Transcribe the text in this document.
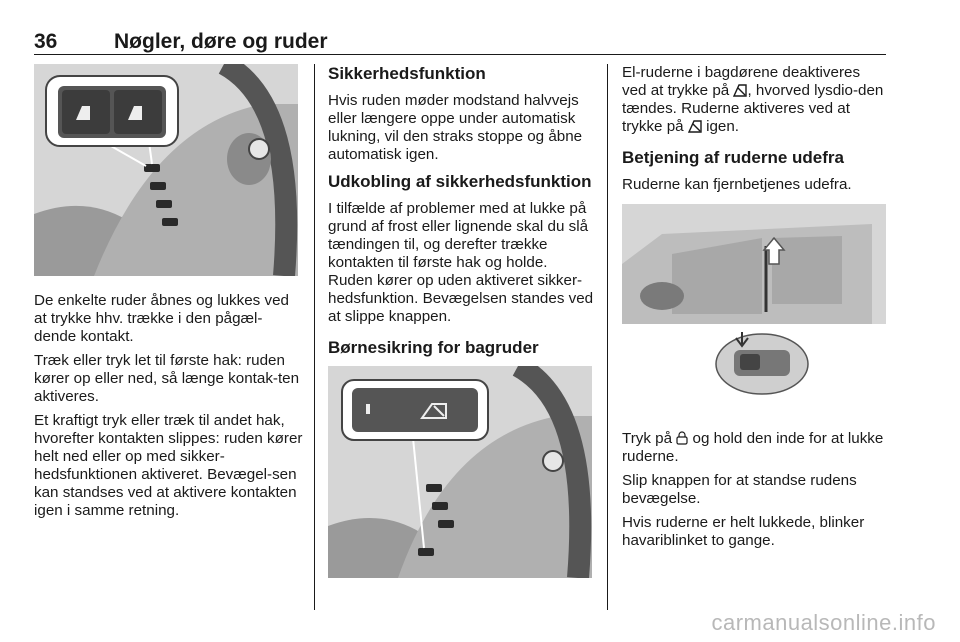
36	Nøgler, døre og ruder

De enkelte ruder åbnes og lukkes ved at trykke hhv. trække i den pågæl-dende kontakt.

Træk eller tryk let til første hak: ruden kører op eller ned, så længe kontak-ten aktiveres.

Et kraftigt tryk eller træk til andet hak, hvorefter kontakten slippes: ruden kører helt ned eller op med sikker-hedsfunktionen aktiveret. Bevægel-sen kan standses ved at aktivere kontakten igen i samme retning.

Sikkerhedsfunktion

Hvis ruden møder modstand halvvejs eller længere oppe under automatisk lukning, vil den straks stoppe og åbne automatisk igen.

Udkobling af sikkerhedsfunktion

I tilfælde af problemer med at lukke på grund af frost eller lignende skal du slå tændingen til, og derefter trække kontakten til første hak og holde.

Ruden kører op uden aktiveret sikker-hedsfunktion. Bevægelsen standes ved at slippe knappen.

Børnesikring for bagruder

El-ruderne i bagdørene deaktiveres ved at trykke på , hvorved lysdio-den tændes. Ruderne aktiveres ved at trykke på  igen.

Betjening af ruderne udefra

Ruderne kan fjernbetjenes udefra.

Tryk på  og hold den inde for at lukke ruderne.

Slip knappen for at standse rudens bevægelse.

Hvis ruderne er helt lukkede, blinker havariblinket to gange.

carmanualsonline.info
